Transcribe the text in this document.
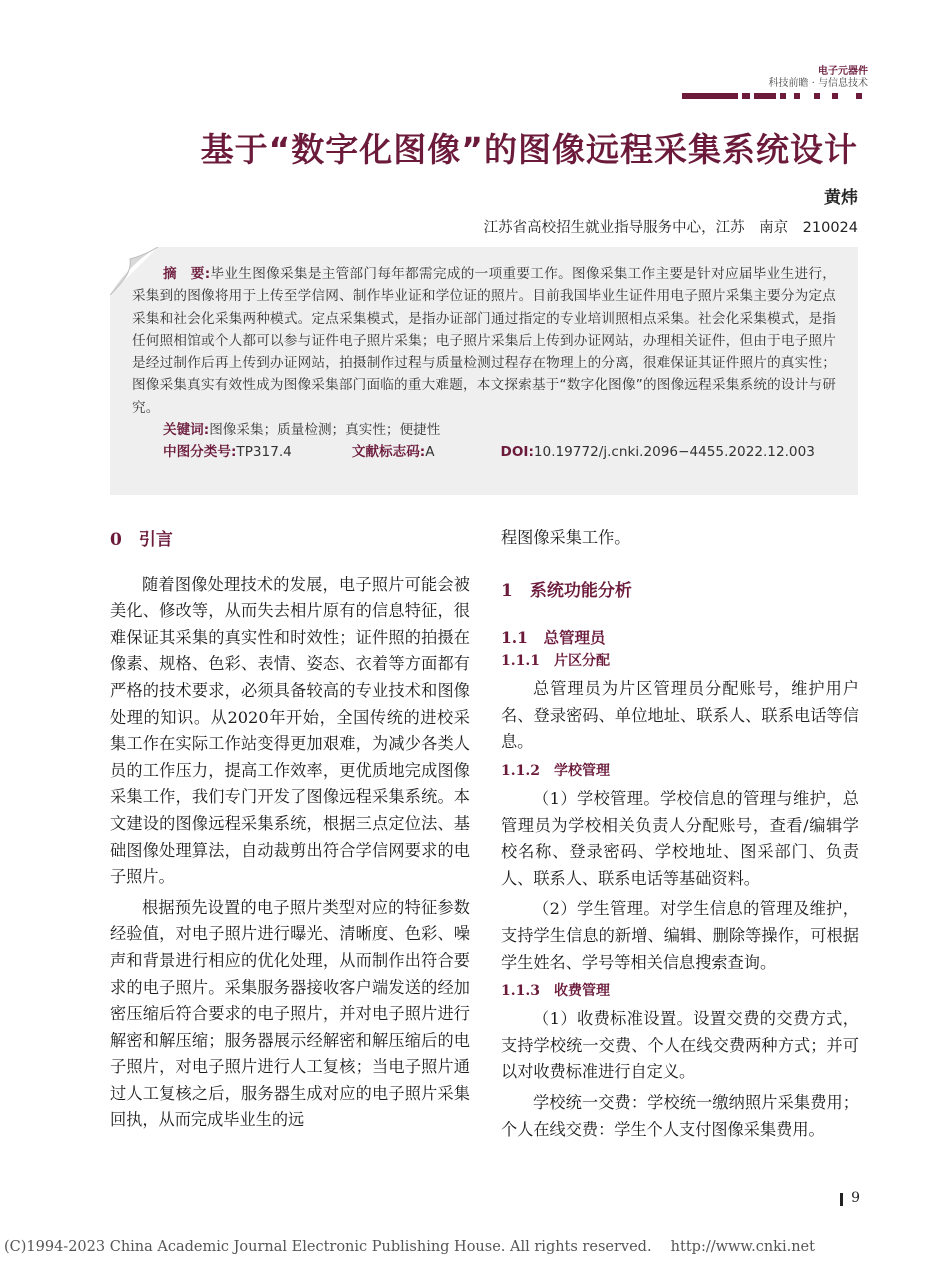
电子元器件
科技前瞻 · 与信息技术
基于“数字化图像”的图像远程采集系统设计
黄炜
江苏省高校招生就业指导服务中心，江苏　南京　210024

摘　要:毕业生图像采集是主管部门每年都需完成的一项重要工作。图像采集工作主要是针对应届毕业生进行，采集到的图像将用于上传至学信网、制作毕业证和学位证的照片。目前我国毕业生证件用电子照片采集主要分为定点采集和社会化采集两种模式。定点采集模式，是指办证部门通过指定的专业培训照相点采集。社会化采集模式，是指任何照相馆或个人都可以参与证件电子照片采集；电子照片采集后上传到办证网站，办理相关证件，但由于电子照片是经过制作后再上传到办证网站，拍摄制作过程与质量检测过程存在物理上的分离，很难保证其证件照片的真实性；图像采集真实有效性成为图像采集部门面临的重大难题，本文探索基于“数字化图像”的图像远程采集系统的设计与研究。

关键词:图像采集；质量检测；真实性；便捷性
中图分类号:TP317.4	文献标志码:A	DOI:10.19772/j.cnki.2096−4455.2022.12.003
0　引言

随着图像处理技术的发展，电子照片可能会被美化、修改等，从而失去相片原有的信息特征，很难保证其采集的真实性和时效性；证件照的拍摄在像素、规格、色彩、表情、姿态、衣着等方面都有严格的技术要求，必须具备较高的专业技术和图像处理的知识。从2020年开始，全国传统的进校采集工作在实际工作站变得更加艰难，为减少各类人员的工作压力，提高工作效率，更优质地完成图像采集工作，我们专门开发了图像远程采集系统。本文建设的图像远程采集系统，根据三点定位法、基础图像处理算法，自动裁剪出符合学信网要求的电子照片。

根据预先设置的电子照片类型对应的特征参数经验值，对电子照片进行曝光、清晰度、色彩、噪声和背景进行相应的优化处理，从而制作出符合要求的电子照片。采集服务器接收客户端发送的经加密压缩后符合要求的电子照片，并对电子照片进行解密和解压缩；服务器展示经解密和解压缩后的电子照片，对电子照片进行人工复核；当电子照片通过人工复核之后，服务器生成对应的电子照片采集回执，从而完成毕业生的远

程图像采集工作。

1　系统功能分析
1.1　总管理员
1.1.1　片区分配

总管理员为片区管理员分配账号，维护用户名、登录密码、单位地址、联系人、联系电话等信息。

1.1.2　学校管理

（1）学校管理。学校信息的管理与维护，总管理员为学校相关负责人分配账号，查看/编辑学校名称、登录密码、学校地址、图采部门、负责人、联系人、联系电话等基础资料。

（2）学生管理。对学生信息的管理及维护，支持学生信息的新增、编辑、删除等操作，可根据学生姓名、学号等相关信息搜索查询。

1.1.3　收费管理

（1）收费标准设置。设置交费的交费方式，支持学校统一交费、个人在线交费两种方式；并可以对收费标准进行自定义。

学校统一交费：学校统一缴纳照片采集费用；个人在线交费：学生个人支付图像采集费用。

9
(C)1994-2023 China Academic Journal Electronic Publishing House. All rights reserved.　 http://www.cnki.net
